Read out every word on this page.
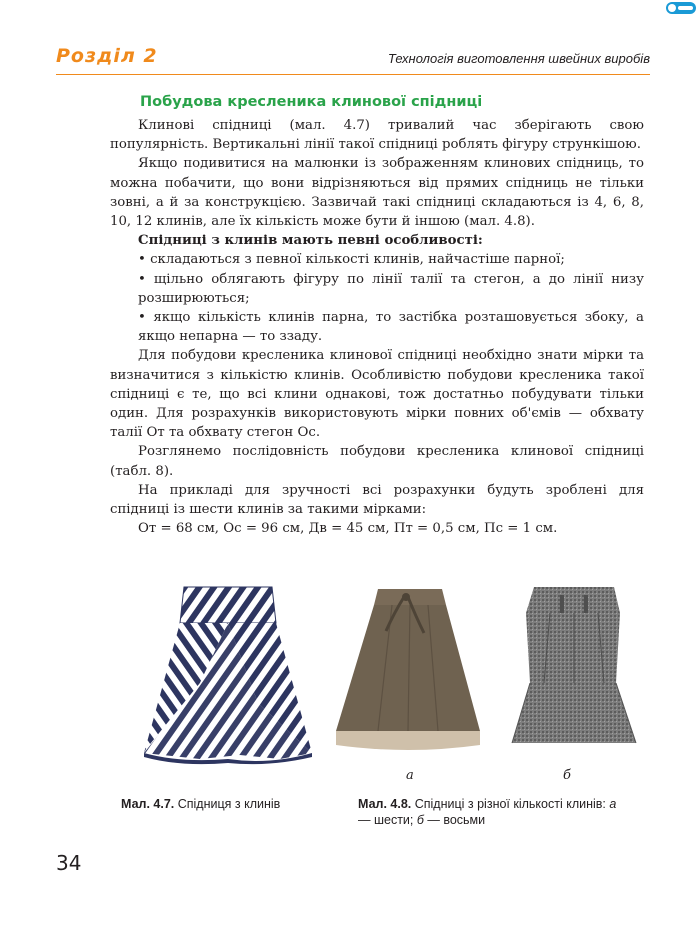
Розділ 2	Технологія виготовлення швейних виробів
Побудова кресленика клинової спідниці

Клинові спідниці (мал. 4.7) тривалий час зберігають свою популярність. Вертикальні лінії такої спідниці роблять фігуру стрункішою.

Якщо подивитися на малюнки із зображенням клинових спідниць, то можна побачити, що вони відрізняються від прямих спідниць не тільки зовні, а й за конструкцією. Зазвичай такі спідниці складаються із 4, 6, 8, 10, 12 клинів, але їх кількість може бути й іншою (мал. 4.8).

Спідниці з клинів мають певні особливості:

• складаються з певної кількості клинів, найчастіше парної;

• щільно облягають фігуру по лінії талії та стегон, а до лінії низу розширюються;

• якщо кількість клинів парна, то застібка розташовується збоку, а якщо непарна — то ззаду.

Для побудови кресленика клинової спідниці необхідно знати мірки та визначитися з кількістю клинів. Особливістю побудови кресленика такої спідниці є те, що всі клини однакові, тож достатньо побудувати тільки один. Для розрахунків використовують мірки повних об'ємів — обхвату талії От та обхвату стегон Ос.

Розглянемо послідовність побудови кресленика клинової спідниці (табл. 8).

На прикладі для зручності всі розрахунки будуть зроблені для спідниці із шести клинів за такими мірками:

От = 68 см, Ос = 96 см, Дв = 45 см, Пт = 0,5 см, Пс = 1 см.

а	б
Мал. 4.7. Спідниця з клинів	Мал. 4.8. Спідниці з різної кількості клинів: а — шести; б — восьми
34
